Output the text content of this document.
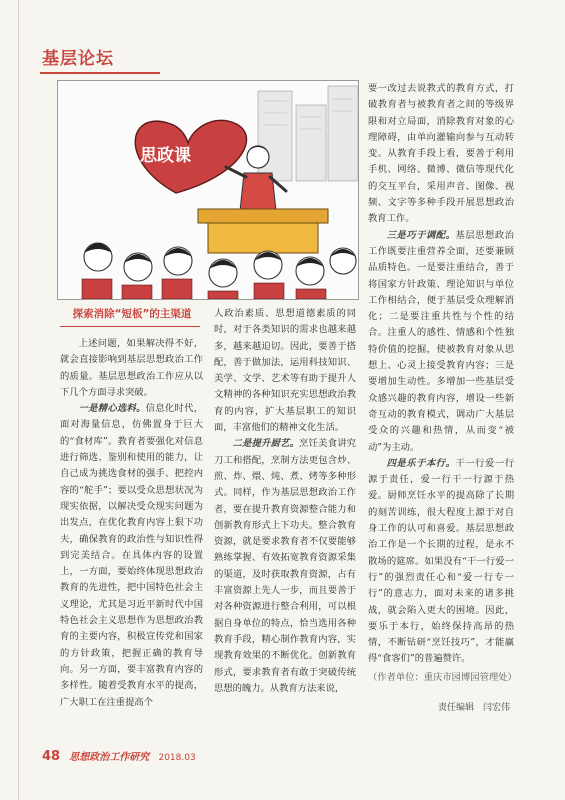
基层论坛
思政课
探索消除“短板”的主渠道

上述问题，如果解决得不好，就会直接影响到基层思想政治工作的质量。基层思想政治工作应从以下几个方面寻求突破。

一是精心选料。信息化时代，面对海量信息，仿佛置身于巨大的“食材库”。教育者要强化对信息进行筛选、鉴别和使用的能力，让自己成为挑选食材的强手、把控内容的“舵手”；要以受众思想状况为现实依据，以解决受众现实问题为出发点，在优化教育内容上狠下功夫，确保教育的政治性与知识性得到完美结合。在具体内容的设置上，一方面，要始终体现思想政治教育的先进性，把中国特色社会主义理论，尤其是习近平新时代中国特色社会主义思想作为思想政治教育的主要内容，积极宣传党和国家的方针政策，把握正确的教育导向。另一方面，要丰富教育内容的多样性。随着受教育水平的提高，广大职工在注重提高个

人政治素质、思想道德素质的同时，对于各类知识的需求也越来越多，越来越迫切。因此，要善于搭配，善于做加法，运用科技知识、美学、文学、艺术等有助于提升人文精神的各种知识充实思想政治教育的内容，扩大基层职工的知识面，丰富他们的精神文化生活。

二是提升厨艺。烹饪美食讲究刀工和搭配，烹制方法更包含炒、煎、炸、煨、炖、煮、烤等多种形式。同样，作为基层思想政治工作者，要在提升教育资源整合能力和创新教育形式上下功夫。整合教育资源，就是要求教育者不仅要能够熟练掌握、有效拓宽教育资源采集的渠道，及时获取教育资源，占有丰富资源上先人一步，而且要善于对各种资源进行整合利用，可以根据自身单位的特点，恰当选用各种教育手段，精心制作教育内容，实现教育效果的不断优化。创新教育形式，要求教育者有敢于突破传统思想的魄力。从教育方法来说，

要一改过去说教式的教育方式，打破教育者与被教育者之间的等级界限和对立局面，消除教育对象的心理障碍，由单向灌输向参与互动转变。从教育手段上看，要善于利用手机、网络、微博、微信等现代化的交互平台，采用声音、图像、视频、文字等多种手段开展思想政治教育工作。

三是巧于调配。基层思想政治工作既要注重营养全面，还要兼顾品质特色。一是要注重结合，善于将国家方针政策、理论知识与单位工作相结合，便于基层受众理解消化；二是要注重共性与个性的结合。注重人的感性、情感和个性独特价值的挖掘，使被教育对象从思想上、心灵上接受教育内容；三是要增加生动性。多增加一些基层受众感兴趣的教育内容，增设一些新奇互动的教育模式，调动广大基层受众的兴趣和热情，从而变“被动”为主动。

四是乐于本行。干一行爱一行源于责任，爱一行干一行源于热爱。厨师烹饪水平的提高除了长期的刻苦训练，很大程度上源于对自身工作的认可和喜爱。基层思想政治工作是一个长期的过程，是永不散场的筵席。如果没有“干一行爱一行”的强烈责任心和“爱一行专一行”的意志力，面对未来的诸多挑战，就会陷入更大的困境。因此，要乐于本行，始终保持高昂的热情，不断钻研“烹饪技巧”，才能赢得“食客们”的普遍赞许。

（作者单位：重庆市园博园管理处）
责任编辑　闫宏伟
48 思想政治工作研究 2018.03
